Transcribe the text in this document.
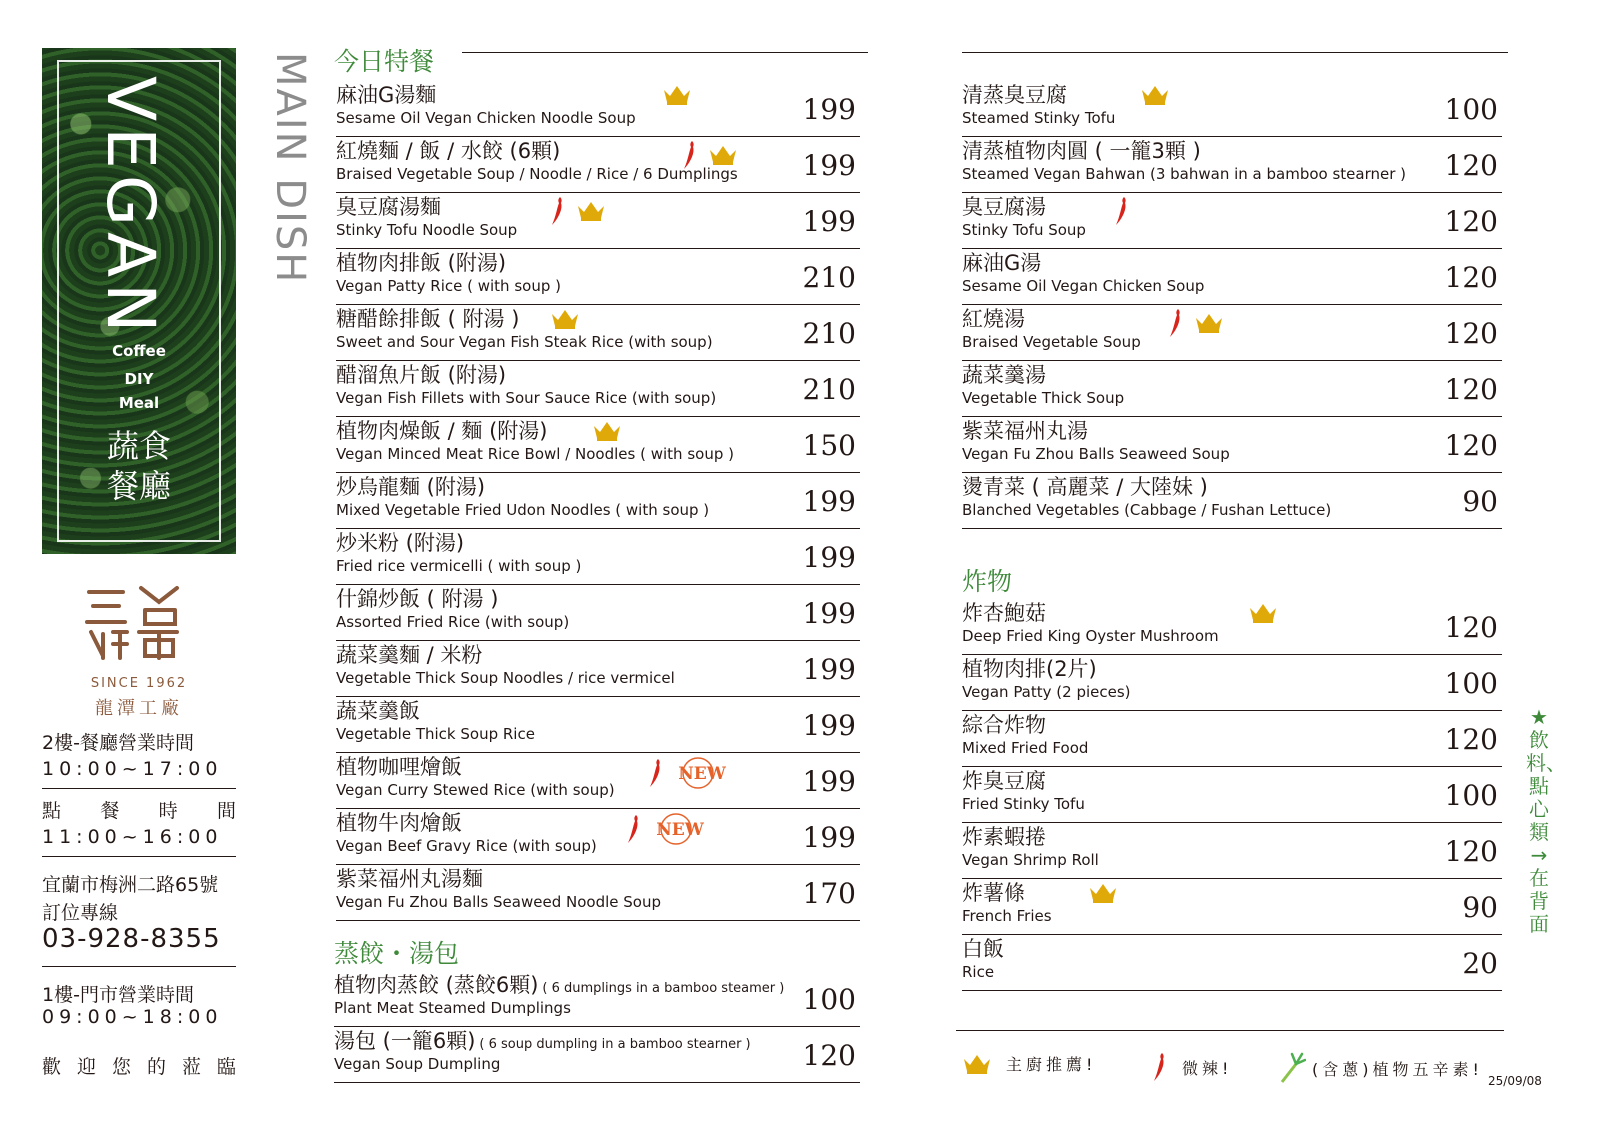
VEGAN
Coffee
DIY
Meal
蔬食
餐廳
SINCE 1962
龍潭工廠
2樓-餐廳營業時間
10:00~17:00
點 餐 時 間
11:00~16:00
宜蘭市梅洲二路65號
訂位專線
03-928-8355
1樓-門市營業時間
09:00~18:00
歡 迎 您 的 蒞 臨
MAIN DISH 今日特餐
麻油G湯麵
Sesame Oil Vegan Chicken Noodle Soup	199
紅燒麵 / 飯 / 水餃 (6顆)
Braised Vegetable Soup / Noodle / Rice / 6 Dumplings 199
臭豆腐湯麵
Stinky Tofu Noodle Soup	199
植物肉排飯 (附湯)
Vegan Patty Rice ( with soup )	210
糖醋餘排飯 ( 附湯 )
Sweet and Sour Vegan Fish Steak Rice (with soup)	210
醋溜魚片飯 (附湯)
Vegan Fish Fillets with Sour Sauce Rice (with soup)	210
植物肉燥飯 / 麵 (附湯)
Vegan Minced Meat Rice Bowl / Noodles ( with soup ) 150
炒烏龍麵 (附湯)
Mixed Vegetable Fried Udon Noodles ( with soup )	199
炒米粉 (附湯)
Fried rice vermicelli ( with soup )	199
什錦炒飯 ( 附湯 )
Assorted Fried Rice (with soup)	199
蔬菜羹麵 / 米粉
Vegetable Thick Soup Noodles / rice vermicel	199
蔬菜羹飯
Vegetable Thick Soup Rice	199
植物咖哩燴飯
Vegan Curry Stewed Rice (with soup)	199
NEW
植物牛肉燴飯
Vegan Beef Gravy Rice (with soup)	199
NEW
紫菜福州丸湯麵
Vegan Fu Zhou Balls Seaweed Noodle Soup	170
蒸餃・湯包
植物肉蒸餃 (蒸餃6顆) ( 6 dumplings in a bamboo steamer )
Plant Meat Steamed Dumplings	100
湯包 (一籠6顆) ( 6 soup dumpling in a bamboo stearner )
Vegan Soup Dumpling	120
清蒸臭豆腐
Steamed Stinky Tofu	100
清蒸植物肉圓 ( 一籠3顆 )
Steamed Vegan Bahwan (3 bahwan in a bamboo stearner ) 120
臭豆腐湯
Stinky Tofu Soup	120
麻油G湯
Sesame Oil Vegan Chicken Soup	120
紅燒湯
Braised Vegetable Soup	120
蔬菜羹湯
Vegetable Thick Soup	120
紫菜福州丸湯
Vegan Fu Zhou Balls Seaweed Soup	120
燙青菜 ( 高麗菜 / 大陸妹 )
Blanched Vegetables (Cabbage / Fushan Lettuce)	90
炸物
炸杏鮑菇
Deep Fried King Oyster Mushroom	120
植物肉排(2片)
Vegan Patty (2 pieces)	100
綜合炸物
Mixed Fried Food	120
炸臭豆腐
Fried Stinky Tofu	100
炸素蝦捲
Vegan Shrimp Roll	120
炸薯條
French Fries	90
白飯
Rice	20
主廚推薦!	微辣!	(含蔥)植物五辛素!
★飲料、點心類→在背面
25/09/08
